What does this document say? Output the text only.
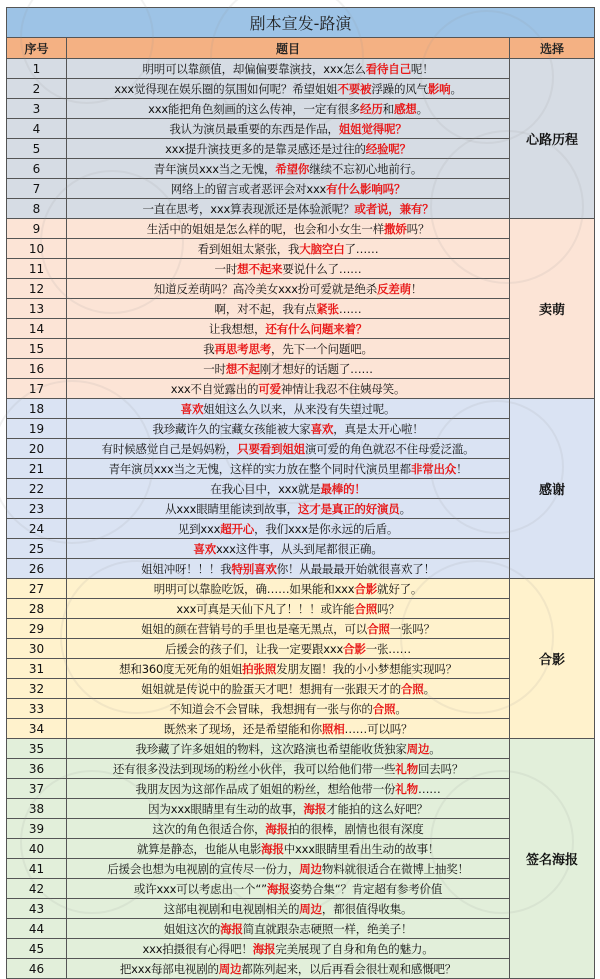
剧本宣发-路演
序号	题目	选择
1	明明可以靠颜值，却偏偏要靠演技，xxx怎么 看待自己 呢！
2	xxx觉得现在娱乐圈的氛围如何呢？希望姐姐 不要被 浮躁的风气 影响 。
3	xxx能把角色刻画的这么传神，一定有很多 经历 和 感想 。
4	我认为演员最重要的东西是作品， 姐姐觉得呢？
5	xxx提升演技更多的是靠灵感还是过往的 经验呢？
6	青年演员xxx当之无愧， 希望你 继续不忘初心地前行。
7	网络上的留言或者恶评会对xxx 有什么影响吗？
8	一直在思考，xxx算表现派还是体验派呢？ 或者说，兼有？
心路历程
9	生活中的姐姐是怎么样的呢，也会和小女生一样 撒娇 吗？
10	看到姐姐太紧张，我 大脑空白 了……
11	一时 想不起来 要说什么了……
12	知道反差萌吗？高冷美女xxx扮可爱就是绝杀 反差萌 ！
13	啊，对不起，我有点 紧张 ……
14	让我想想， 还有什么问题来着？
15	我 再思考思考 ，先下一个问题吧。
16	一时 想不起 刚才想好的话题了……
17	xxx不自觉露出的 可爱 神情让我忍不住姨母笑。
卖萌
18	喜欢 姐姐这么久以来，从来没有失望过呢。
19	我珍藏许久的宝藏女孩能被大家 喜欢 ，真是太开心啦！
20	有时候感觉自己是妈妈粉， 只要看到姐姐 演可爱的角色就忍不住母爱泛滥。
21	青年演员xxx当之无愧，这样的实力放在整个同时代演员里都 非常出众 ！
22	在我心目中，xxx就是 最棒的！
23	从xxx眼睛里能读到故事， 这才是真正的好演员 。
24	见到xxx 超开心 ，我们xxx是你永远的后盾。
25	喜欢 xxx这件事，从头到尾都很正确。
26	姐姐冲呀！！！我 特别喜欢 你！从最最最开始就很喜欢了！
感谢
27	明明可以靠脸吃饭，确……如果能和xxx 合影 就好了。
28	xxx可真是天仙下凡了！！！或许能 合照 吗？
29	姐姐的颜在营销号的手里也是毫无黑点，可以 合照 一张吗？
30	后援会的孩子们，让我一定要跟xxx 合影 一张……
31	想和360度无死角的姐姐 拍张照 发朋友圈！我的小小梦想能实现吗？
32	姐姐就是传说中的脸蛋天才吧！想拥有一张跟天才的 合照 。
33	不知道会不会冒昧，我想拥有一张与你的 合照 。
34	既然来了现场，还是希望能和你 照相 ……可以吗？
合影
35	我珍藏了许多姐姐的物料，这次路演也希望能收货独家 周边 。
36	还有很多没法到现场的粉丝小伙伴，我可以给他们带一些 礼物 回去吗？
37	我朋友因为这部作品成了姐姐的粉丝，想给他带一份 礼物 ……
38	因为xxx眼睛里有生动的故事， 海报 才能拍的这么好吧？
39	这次的角色很适合你， 海报 拍的很棒，剧情也很有深度
40	就算是静态，也能从电影 海报 中xxx眼睛里看出生动的故事！
41	后援会也想为电视剧的宣传尽一份力， 周边 物料就很适合在微博上抽奖！
42	或许xxx可以考虑出一个“” 海报 姿势合集“？肯定超有参考价值
43	这部电视剧和电视剧相关的 周边 ，都很值得收集。
44	姐姐这次的 海报 简直就跟杂志硬照一样，绝美子！
45	xxx拍摄很有心得吧！ 海报 完美展现了自身和角色的魅力。
46	把xxx每部电视剧的 周边 都陈列起来，以后再看会很壮观和感慨吧？
签名海报
